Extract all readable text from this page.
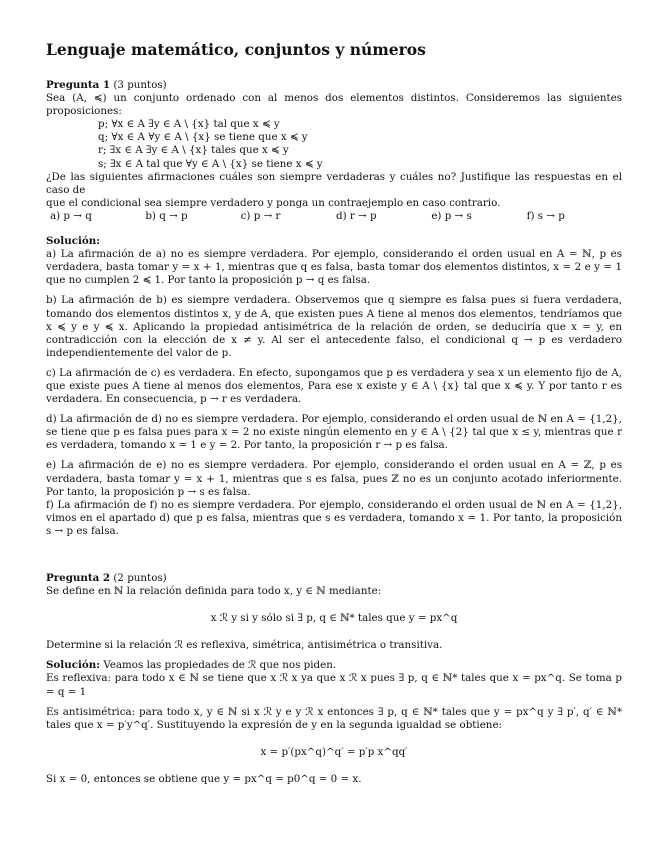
Lenguaje matemático, conjuntos y números
Pregunta 1 (3 puntos)
Sea (A, ≼) un conjunto ordenado con al menos dos elementos distintos. Consideremos las siguientes proposiciones:
p; ∀x ∈ A ∃y ∈ A \ {x} tal que x ≼ y
q; ∀x ∈ A ∀y ∈ A \ {x} se tiene que x ≼ y
r; ∃x ∈ A ∃y ∈ A \ {x} tales que x ≼ y
s; ∃x ∈ A tal que ∀y ∈ A \ {x} se tiene x ≼ y
¿De las siguientes afirmaciones cuáles son siempre verdaderas y cuáles no? Justifique las respuestas en el caso de
que el condicional sea siempre verdadero y ponga un contraejemplo en caso contrario.
a) p → q	b) q → p	c) p → r	d) r → p	e) p → s	f) s → p
Solución:
a) La afirmación de a) no es siempre verdadera. Por ejemplo, considerando el orden usual en A = ℕ, p es verdadera, basta tomar y = x + 1, mientras que q es falsa, basta tomar dos elementos distintos, x = 2 e y = 1 que no cumplen 2 ≼ 1. Por tanto la proposición p → q es falsa.
b) La afirmación de b) es siempre verdadera. Observemos que q siempre es falsa pues si fuera verdadera, tomando dos elementos distintos x, y de A, que existen pues A tiene al menos dos elementos, tendríamos que x ≼ y e y ≼ x. Aplicando la propiedad antisimétrica de la relación de orden, se deduciría que x = y, en contradicción con la elección de x ≠ y. Al ser el antecedente falso, el condicional q → p es verdadero independientemente del valor de p.
c) La afirmación de c) es verdadera. En efecto, supongamos que p es verdadera y sea x un elemento fijo de A, que existe pues A tiene al menos dos elementos, Para ese x existe y ∈ A \ {x} tal que x ≼ y. Y por tanto r es verdadera. En consecuencia, p → r es verdadera.
d) La afirmación de d) no es siempre verdadera. Por ejemplo, considerando el orden usual de ℕ en A = {1,2}, se tiene que p es falsa pues para x = 2 no existe ningún elemento en y ∈ A \ {2} tal que x ≤ y, mientras que r es verdadera, tomando x = 1 e y = 2. Por tanto, la proposición r → p es falsa.
e) La afirmación de e) no es siempre verdadera. Por ejemplo, considerando el orden usual en A = ℤ, p es verdadera, basta tomar y = x + 1, mientras que s es falsa, pues ℤ no es un conjunto acotado inferiormente. Por tanto, la proposición p → s es falsa.
f) La afirmación de f) no es siempre verdadera. Por ejemplo, considerando el orden usual de ℕ en A = {1,2}, vimos en el apartado d) que p es falsa, mientras que s es verdadera, tomando x = 1. Por tanto, la proposición s → p es falsa.
Pregunta 2 (2 puntos)
Se define en ℕ la relación definida para todo x, y ∈ ℕ mediante:
x ℛ y si y sólo si ∃ p, q ∈ ℕ* tales que y = px^q
Determine si la relación ℛ es reflexiva, simétrica, antisimétrica o transitiva.
Solución: Veamos las propiedades de ℛ que nos piden.
Es reflexiva: para todo x ∈ ℕ se tiene que x ℛ x ya que x ℛ x pues ∃ p, q ∈ ℕ* tales que x = px^q. Se toma p = q = 1
Es antisimétrica: para todo x, y ∈ ℕ si x ℛ y e y ℛ x entonces ∃ p, q ∈ ℕ* tales que y = px^q y ∃ p′, q′ ∈ ℕ* tales que x = p′y^q′. Sustituyendo la expresión de y en la segunda igualdad se obtiene:
x = p′(px^q)^q′ = p′p x^qq′
Si x = 0, entonces se obtiene que y = px^q = p0^q = 0 = x.
